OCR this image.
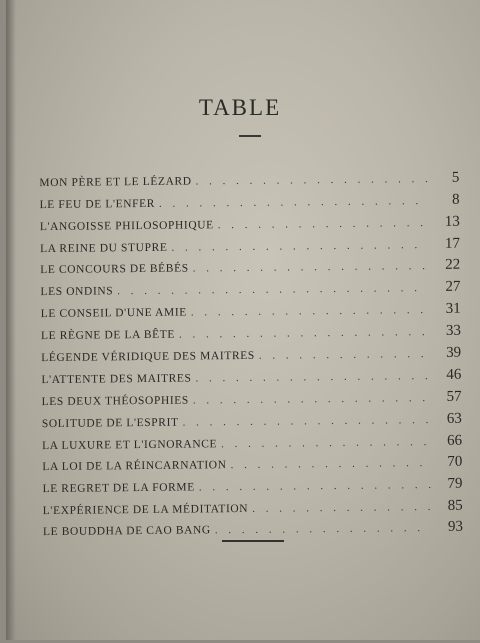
TABLE
MON PÈRE ET LE LÉZARD . . .	5
LE FEU DE L'ENFER . . .	8
L'ANGOISSE PHILOSOPHIQUE . . .	13
LA REINE DU STUPRE . . .	17
LE CONCOURS DE BÉBÉS . . .	22
LES ONDINS . . .	27
LE CONSEIL D'UNE AMIE . . .	31
LE RÈGNE DE LA BÊTE . . .	33
LÉGENDE VÉRIDIQUE DES MAITRES . . .	39
L'ATTENTE DES MAITRES . . .	46
LES DEUX THÉOSOPHIES . . .	57
SOLITUDE DE L'ESPRIT . . .	63
LA LUXURE ET L'IGNORANCE . . .	66
LA LOI DE LA RÉINCARNATION . . .	70
LE REGRET DE LA FORME . . .	79
L'EXPÉRIENCE DE LA MÉDITATION . . .	85
LE BOUDDHA DE CAO BANG . . .	93
